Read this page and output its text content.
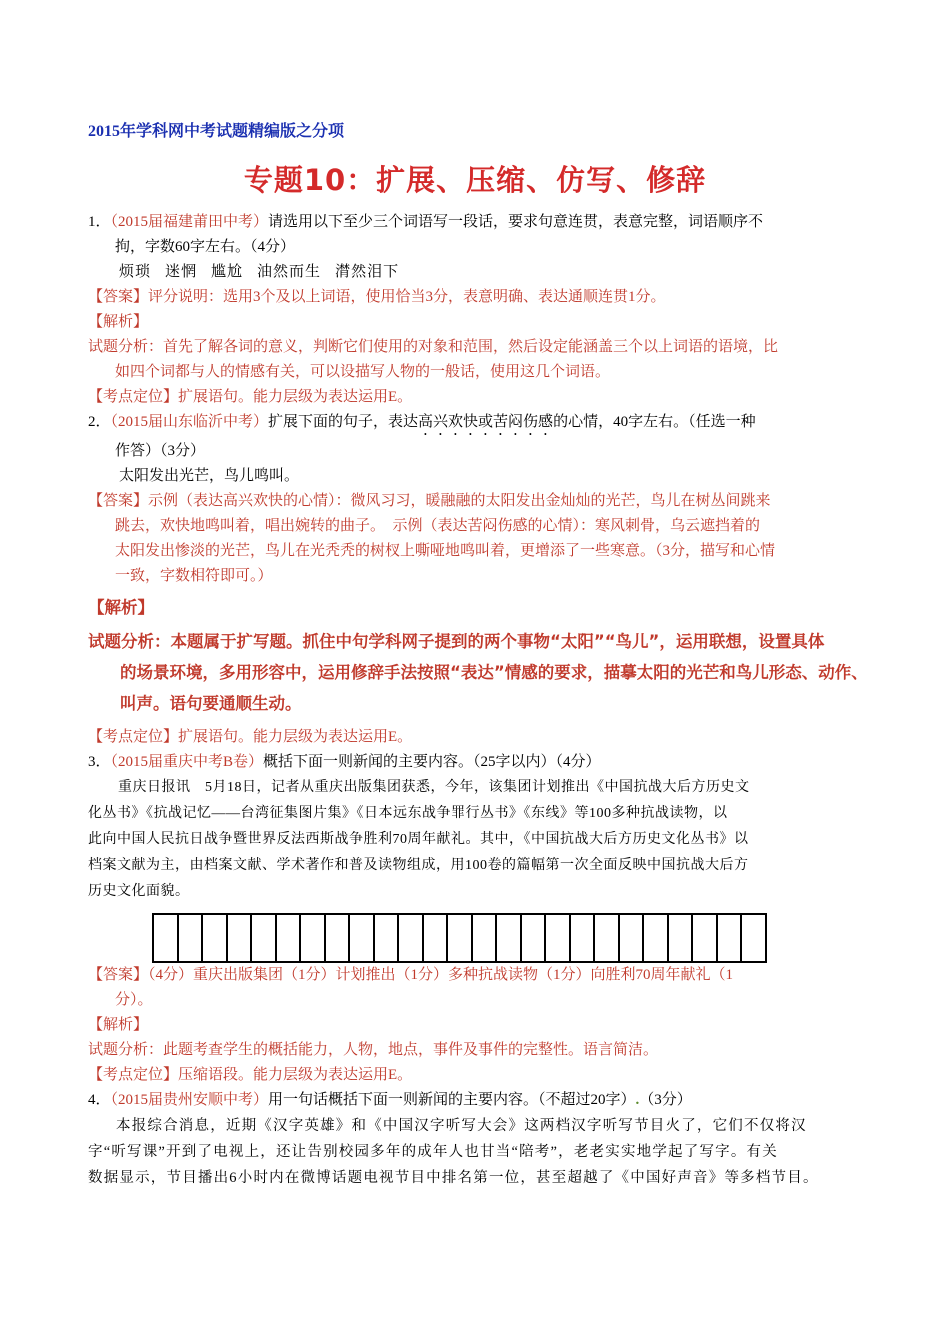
2015年学科网中考试题精编版之分项
专题10：扩展、压缩、仿写、修辞
1．（2015届福建莆田中考）请选用以下至少三个词语写一段话，要求句意连贯，表意完整，词语顺序不
拘，字数60字左右。（4分）
烦琐 迷惘 尴尬 油然而生 潸然泪下
【答案】评分说明：选用3个及以上词语，使用恰当3分，表意明确、表达通顺连贯1分。
【解析】
试题分析：首先了解各词的意义，判断它们使用的对象和范围，然后设定能涵盖三个以上词语的语境，比
如四个词都与人的情感有关，可以设描写人物的一般话，使用这几个词语。
【考点定位】扩展语句。能力层级为表达运用E。
2．（2015届山东临沂中考）扩展下面的句子，表达高兴欢快或苦闷伤感的心情，40字左右。（任选一种
作答）（3分）
太阳发出光芒，鸟儿鸣叫。
【答案】示例（表达高兴欢快的心情）：微风习习，暖融融的太阳发出金灿灿的光芒，鸟儿在树丛间跳来
跳去，欢快地鸣叫着，唱出婉转的曲子。　示例（表达苦闷伤感的心情）：寒风刺骨，乌云遮挡着的
太阳发出惨淡的光芒，鸟儿在光秃秃的树杈上嘶哑地鸣叫着，更增添了一些寒意。（3分，描写和心情
一致，字数相符即可。）
【解析】
试题分析：本题属于扩写题。抓住中句学科网子提到的两个事物“太阳”“鸟儿”，运用联想，设置具体
的场景环境，多用形容中，运用修辞手法按照“表达”情感的要求，描摹太阳的光芒和鸟儿形态、动作、
叫声。语句要通顺生动。
【考点定位】扩展语句。能力层级为表达运用E。
3．（2015届重庆中考B卷）概括下面一则新闻的主要内容。（25字以内）（4分）
重庆日报讯　5月18日，记者从重庆出版集团获悉，今年，该集团计划推出《中国抗战大后方历史文

化丛书》《抗战记忆——台湾征集图片集》《日本远东战争罪行丛书》《东线》等100多种抗战读物，以
此向中国人民抗日战争暨世界反法西斯战争胜利70周年献礼。其中，《中国抗战大后方历史文化丛书》以
档案文献为主，由档案文献、学术著作和普及读物组成，用100卷的篇幅第一次全面反映中国抗战大后方
历史文化面貌。
【答案】（4分）重庆出版集团（1分）计划推出（1分）多种抗战读物（1分）向胜利70周年献礼（1
分）。
【解析】
试题分析：此题考查学生的概括能力，人物，地点，事件及事件的完整性。语言简洁。
【考点定位】压缩语段。能力层级为表达运用E。
4．（2015届贵州安顺中考）用一句话概括下面一则新闻的主要内容。（不超过20字）.（3分）
本报综合消息，近期《汉字英雄》和《中国汉字听写大会》这两档汉字听写节目火了，它们不仅将汉
字“听写课”开到了电视上，还让告别校园多年的成年人也甘当“陪考”，老老实实地学起了写字。有关
数据显示，节目播出6小时内在微博话题电视节目中排名第一位，甚至超越了《中国好声音》等多档节目。
